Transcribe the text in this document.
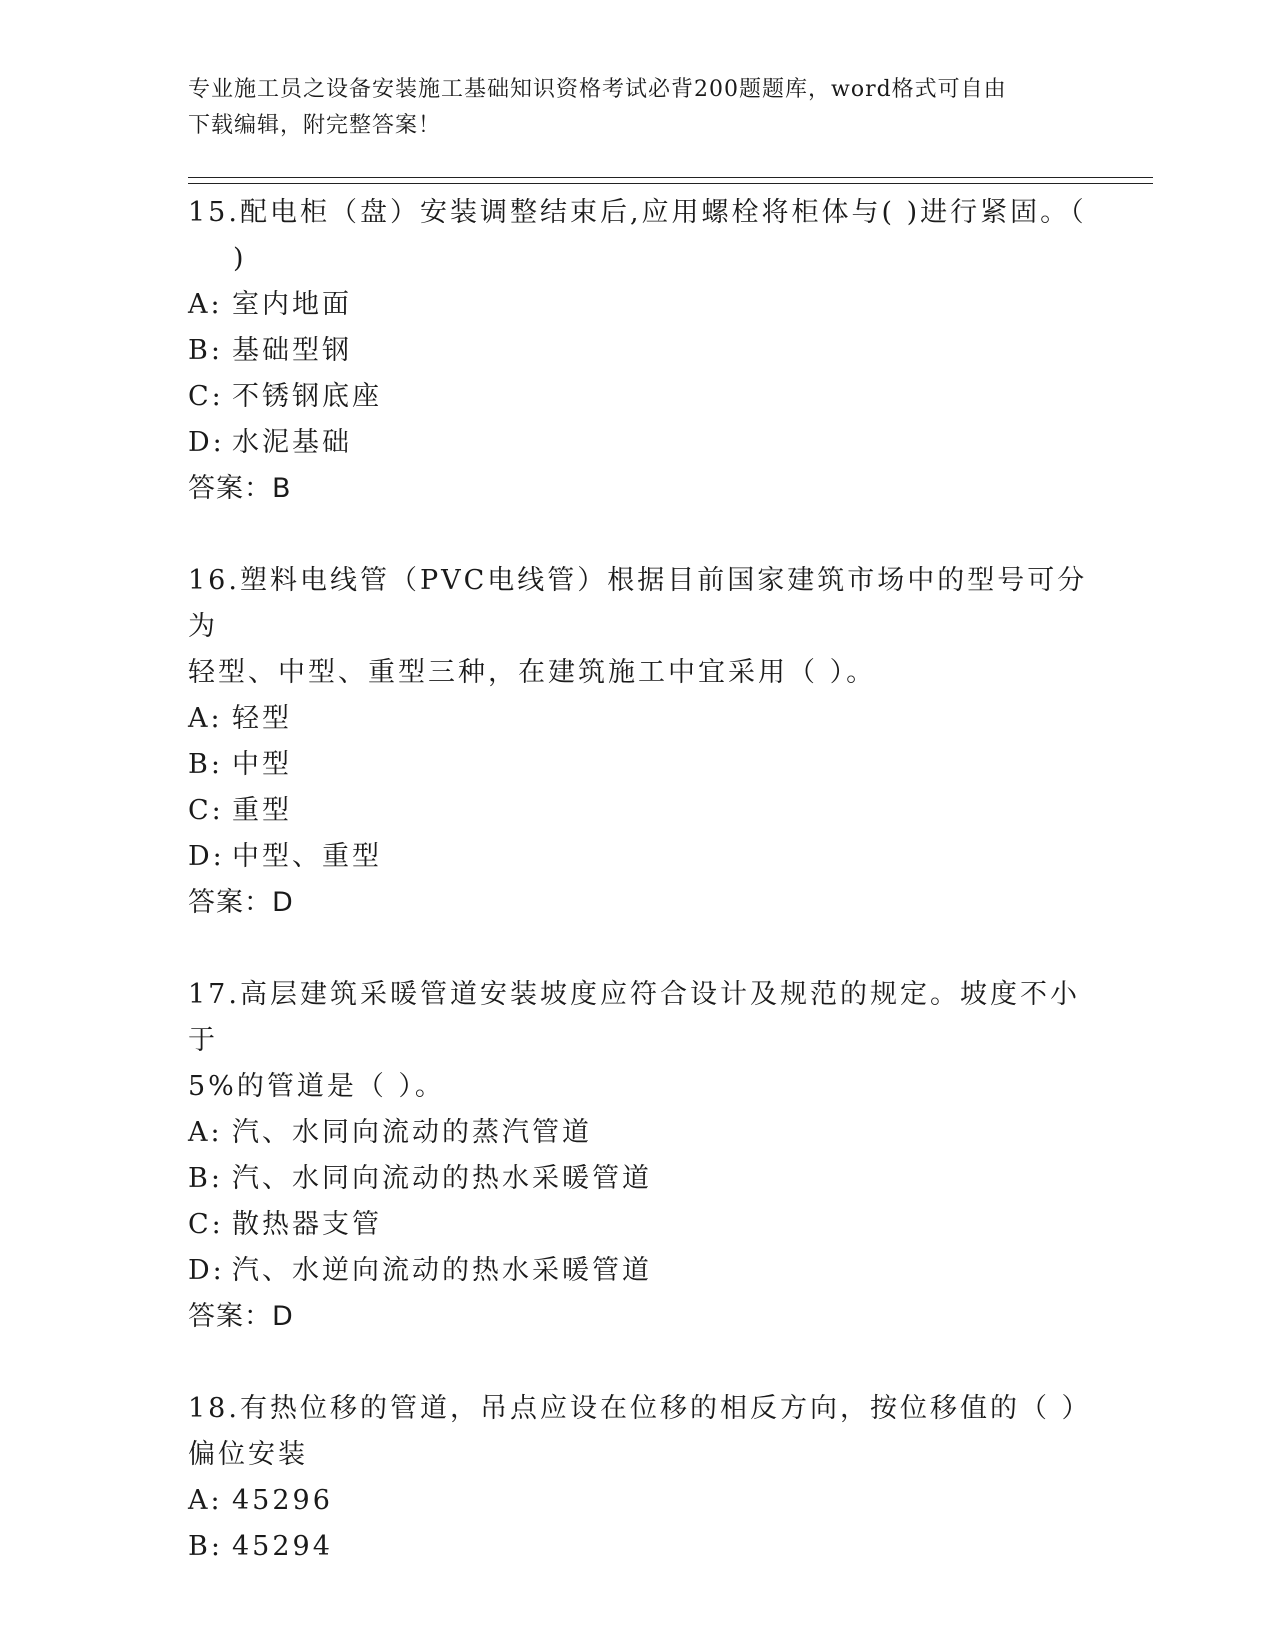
专业施工员之设备安装施工基础知识资格考试必背200题题库，word格式可自由
下载编辑，附完整答案！
15.配电柜（盘）安装调整结束后,应用螺栓将柜体与( )进行紧固。（
)
A: 室内地面
B: 基础型钢
C: 不锈钢底座
D: 水泥基础
答案：B
16.塑料电线管（PVC电线管）根据目前国家建筑市场中的型号可分为
轻型、中型、重型三种，在建筑施工中宜采用（ ）。
A: 轻型
B: 中型
C: 重型
D: 中型、重型
答案：D
17.高层建筑采暖管道安装坡度应符合设计及规范的规定。坡度不小于
5%的管道是（ ）。
A: 汽、水同向流动的蒸汽管道
B: 汽、水同向流动的热水采暖管道
C: 散热器支管
D: 汽、水逆向流动的热水采暖管道
答案：D
18.有热位移的管道，吊点应设在位移的相反方向，按位移值的（ ）
偏位安装
A: 45296
B: 45294
